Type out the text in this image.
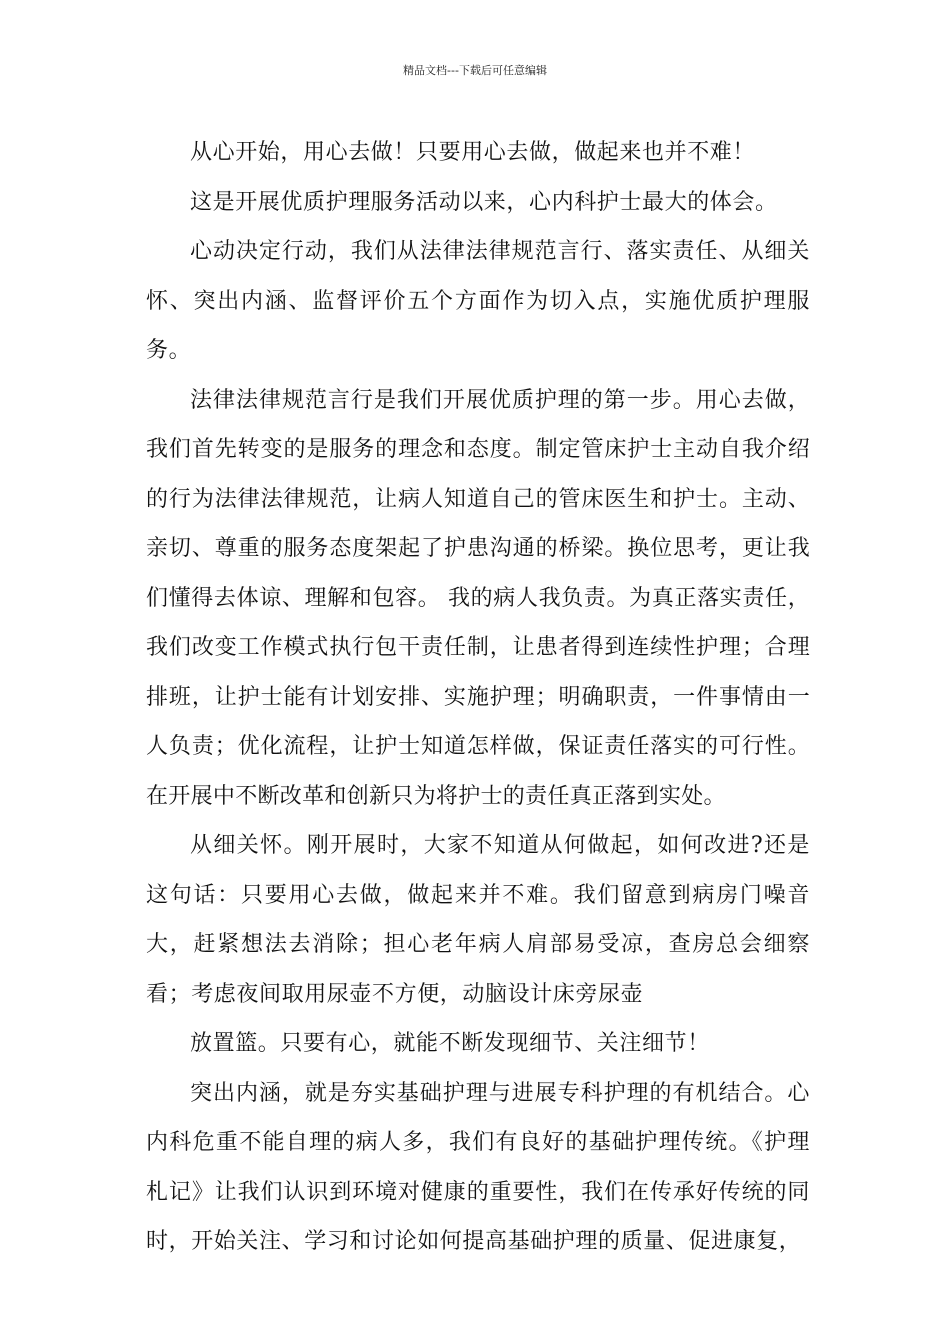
精品文档---下载后可任意编辑

从心开始，用心去做！只要用心去做，做起来也并不难！

这是开展优质护理服务活动以来，心内科护士最大的体会。

心动决定行动，我们从法律法律规范言行、落实责任、从细关怀、突出内涵、监督评价五个方面作为切入点，实施优质护理服务。

法律法律规范言行是我们开展优质护理的第一步。用心去做，我们首先转变的是服务的理念和态度。制定管床护士主动自我介绍的行为法律法律规范，让病人知道自己的管床医生和护士。主动、亲切、尊重的服务态度架起了护患沟通的桥梁。换位思考，更让我们懂得去体谅、理解和包容。 我的病人我负责。为真正落实责任，我们改变工作模式执行包干责任制，让患者得到连续性护理；合理排班，让护士能有计划安排、实施护理；明确职责，一件事情由一人负责；优化流程，让护士知道怎样做，保证责任落实的可行性。在开展中不断改革和创新只为将护士的责任真正落到实处。

从细关怀。刚开展时，大家不知道从何做起，如何改进?还是这句话：只要用心去做，做起来并不难。我们留意到病房门噪音大，赶紧想法去消除；担心老年病人肩部易受凉，查房总会细察看；考虑夜间取用尿壶不方便，动脑设计床旁尿壶

放置篮。只要有心，就能不断发现细节、关注细节！

突出内涵，就是夯实基础护理与进展专科护理的有机结合。心内科危重不能自理的病人多，我们有良好的基础护理传统。《护理札记》让我们认识到环境对健康的重要性，我们在传承好传统的同时，开始关注、学习和讨论如何提高基础护理的质量、促进康复，
